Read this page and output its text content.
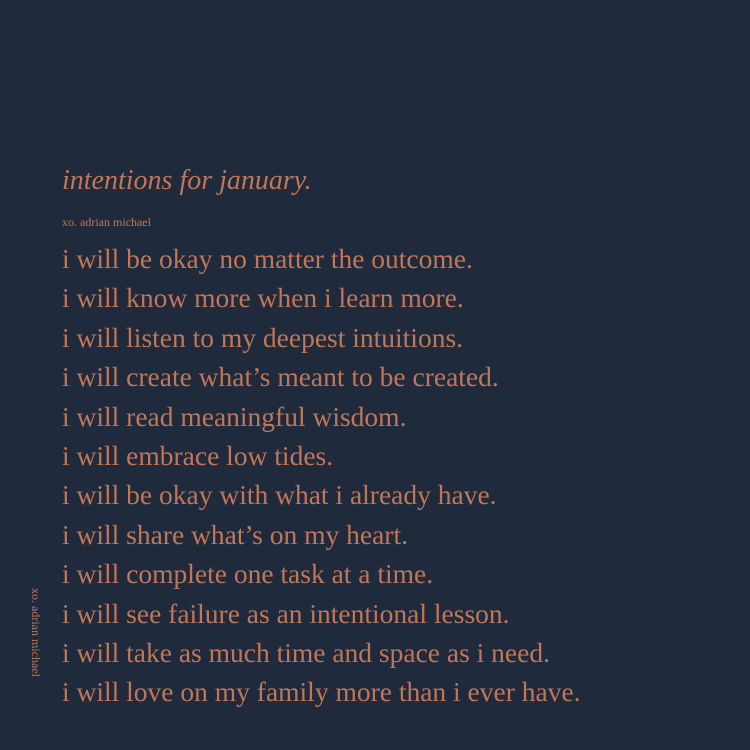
intentions for january.
xo. adrian michael
i will be okay no matter the outcome.
i will know more when i learn more.
i will listen to my deepest intuitions.
i will create what’s meant to be created.
i will read meaningful wisdom.
i will embrace low tides.
i will be okay with what i already have.
i will share what’s on my heart.
i will complete one task at a time.
i will see failure as an intentional lesson.
i will take as much time and space as i need.
i will love on my family more than i ever have.
xo. adrian michael
